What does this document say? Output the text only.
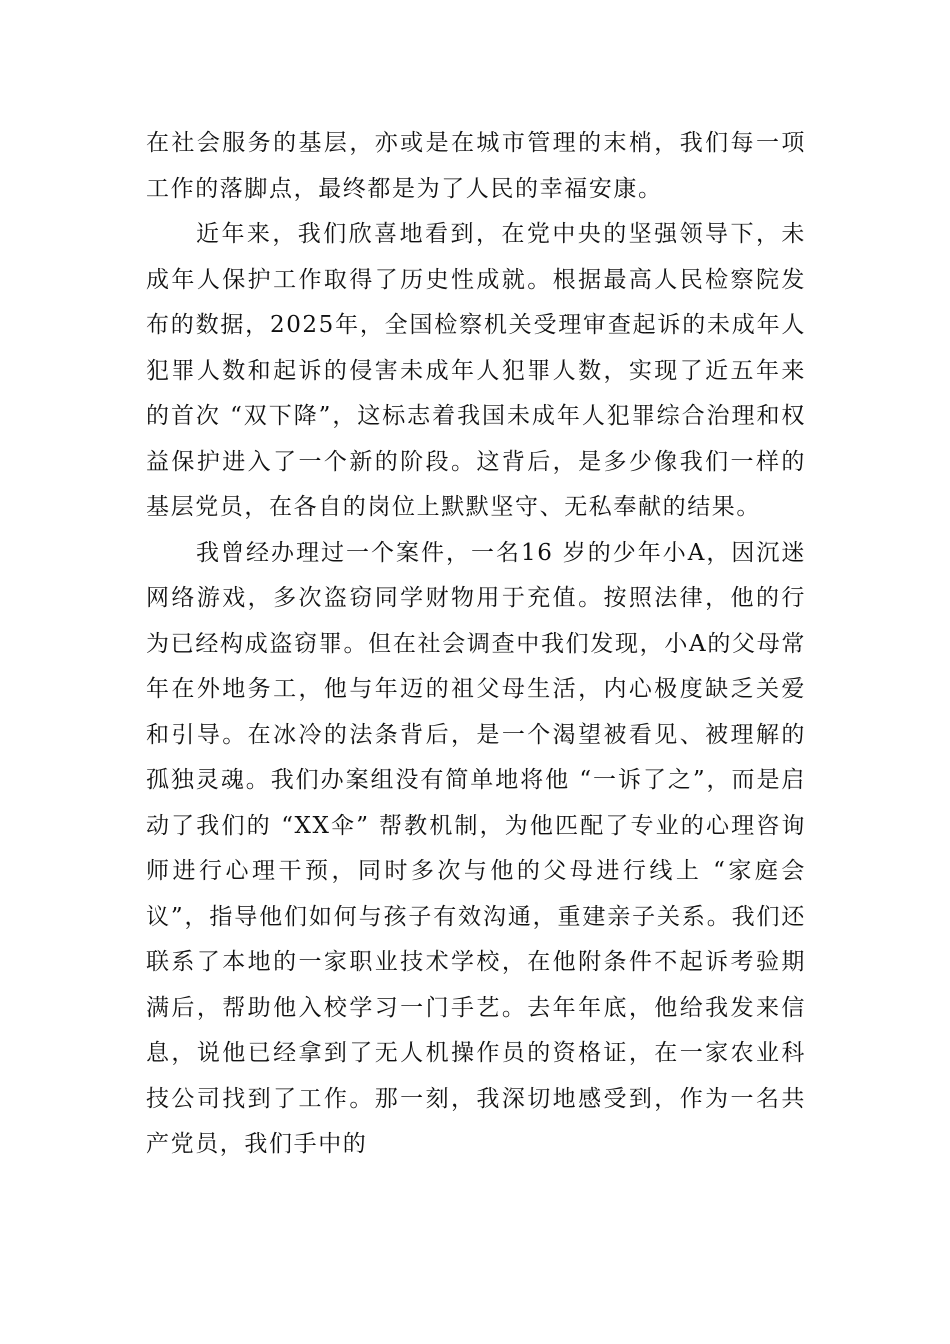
在社会服务的基层，亦或是在城市管理的末梢，我们每一项工作的落脚点，最终都是为了人民的幸福安康。

近年来，我们欣喜地看到，在党中央的坚强领导下，未成年人保护工作取得了历史性成就。根据最高人民检察院发布的数据，2025年，全国检察机关受理审查起诉的未成年人犯罪人数和起诉的侵害未成年人犯罪人数，实现了近五年来的首次 “双下降”，这标志着我国未成年人犯罪综合治理和权益保护进入了一个新的阶段。这背后，是多少像我们一样的基层党员，在各自的岗位上默默坚守、无私奉献的结果。

我曾经办理过一个案件，一名16 岁的少年小A，因沉迷网络游戏，多次盗窃同学财物用于充值。按照法律，他的行为已经构成盗窃罪。但在社会调查中我们发现，小A的父母常年在外地务工，他与年迈的祖父母生活，内心极度缺乏关爱和引导。在冰冷的法条背后，是一个渴望被看见、被理解的孤独灵魂。我们办案组没有简单地将他 “一诉了之”，而是启动了我们的 “XX伞” 帮教机制，为他匹配了专业的心理咨询师进行心理干预，同时多次与他的父母进行线上 “家庭会议”，指导他们如何与孩子有效沟通，重建亲子关系。我们还联系了本地的一家职业技术学校，在他附条件不起诉考验期满后，帮助他入校学习一门手艺。去年年底，他给我发来信息，说他已经拿到了无人机操作员的资格证，在一家农业科技公司找到了工作。那一刻，我深切地感受到，作为一名共产党员，我们手中的
